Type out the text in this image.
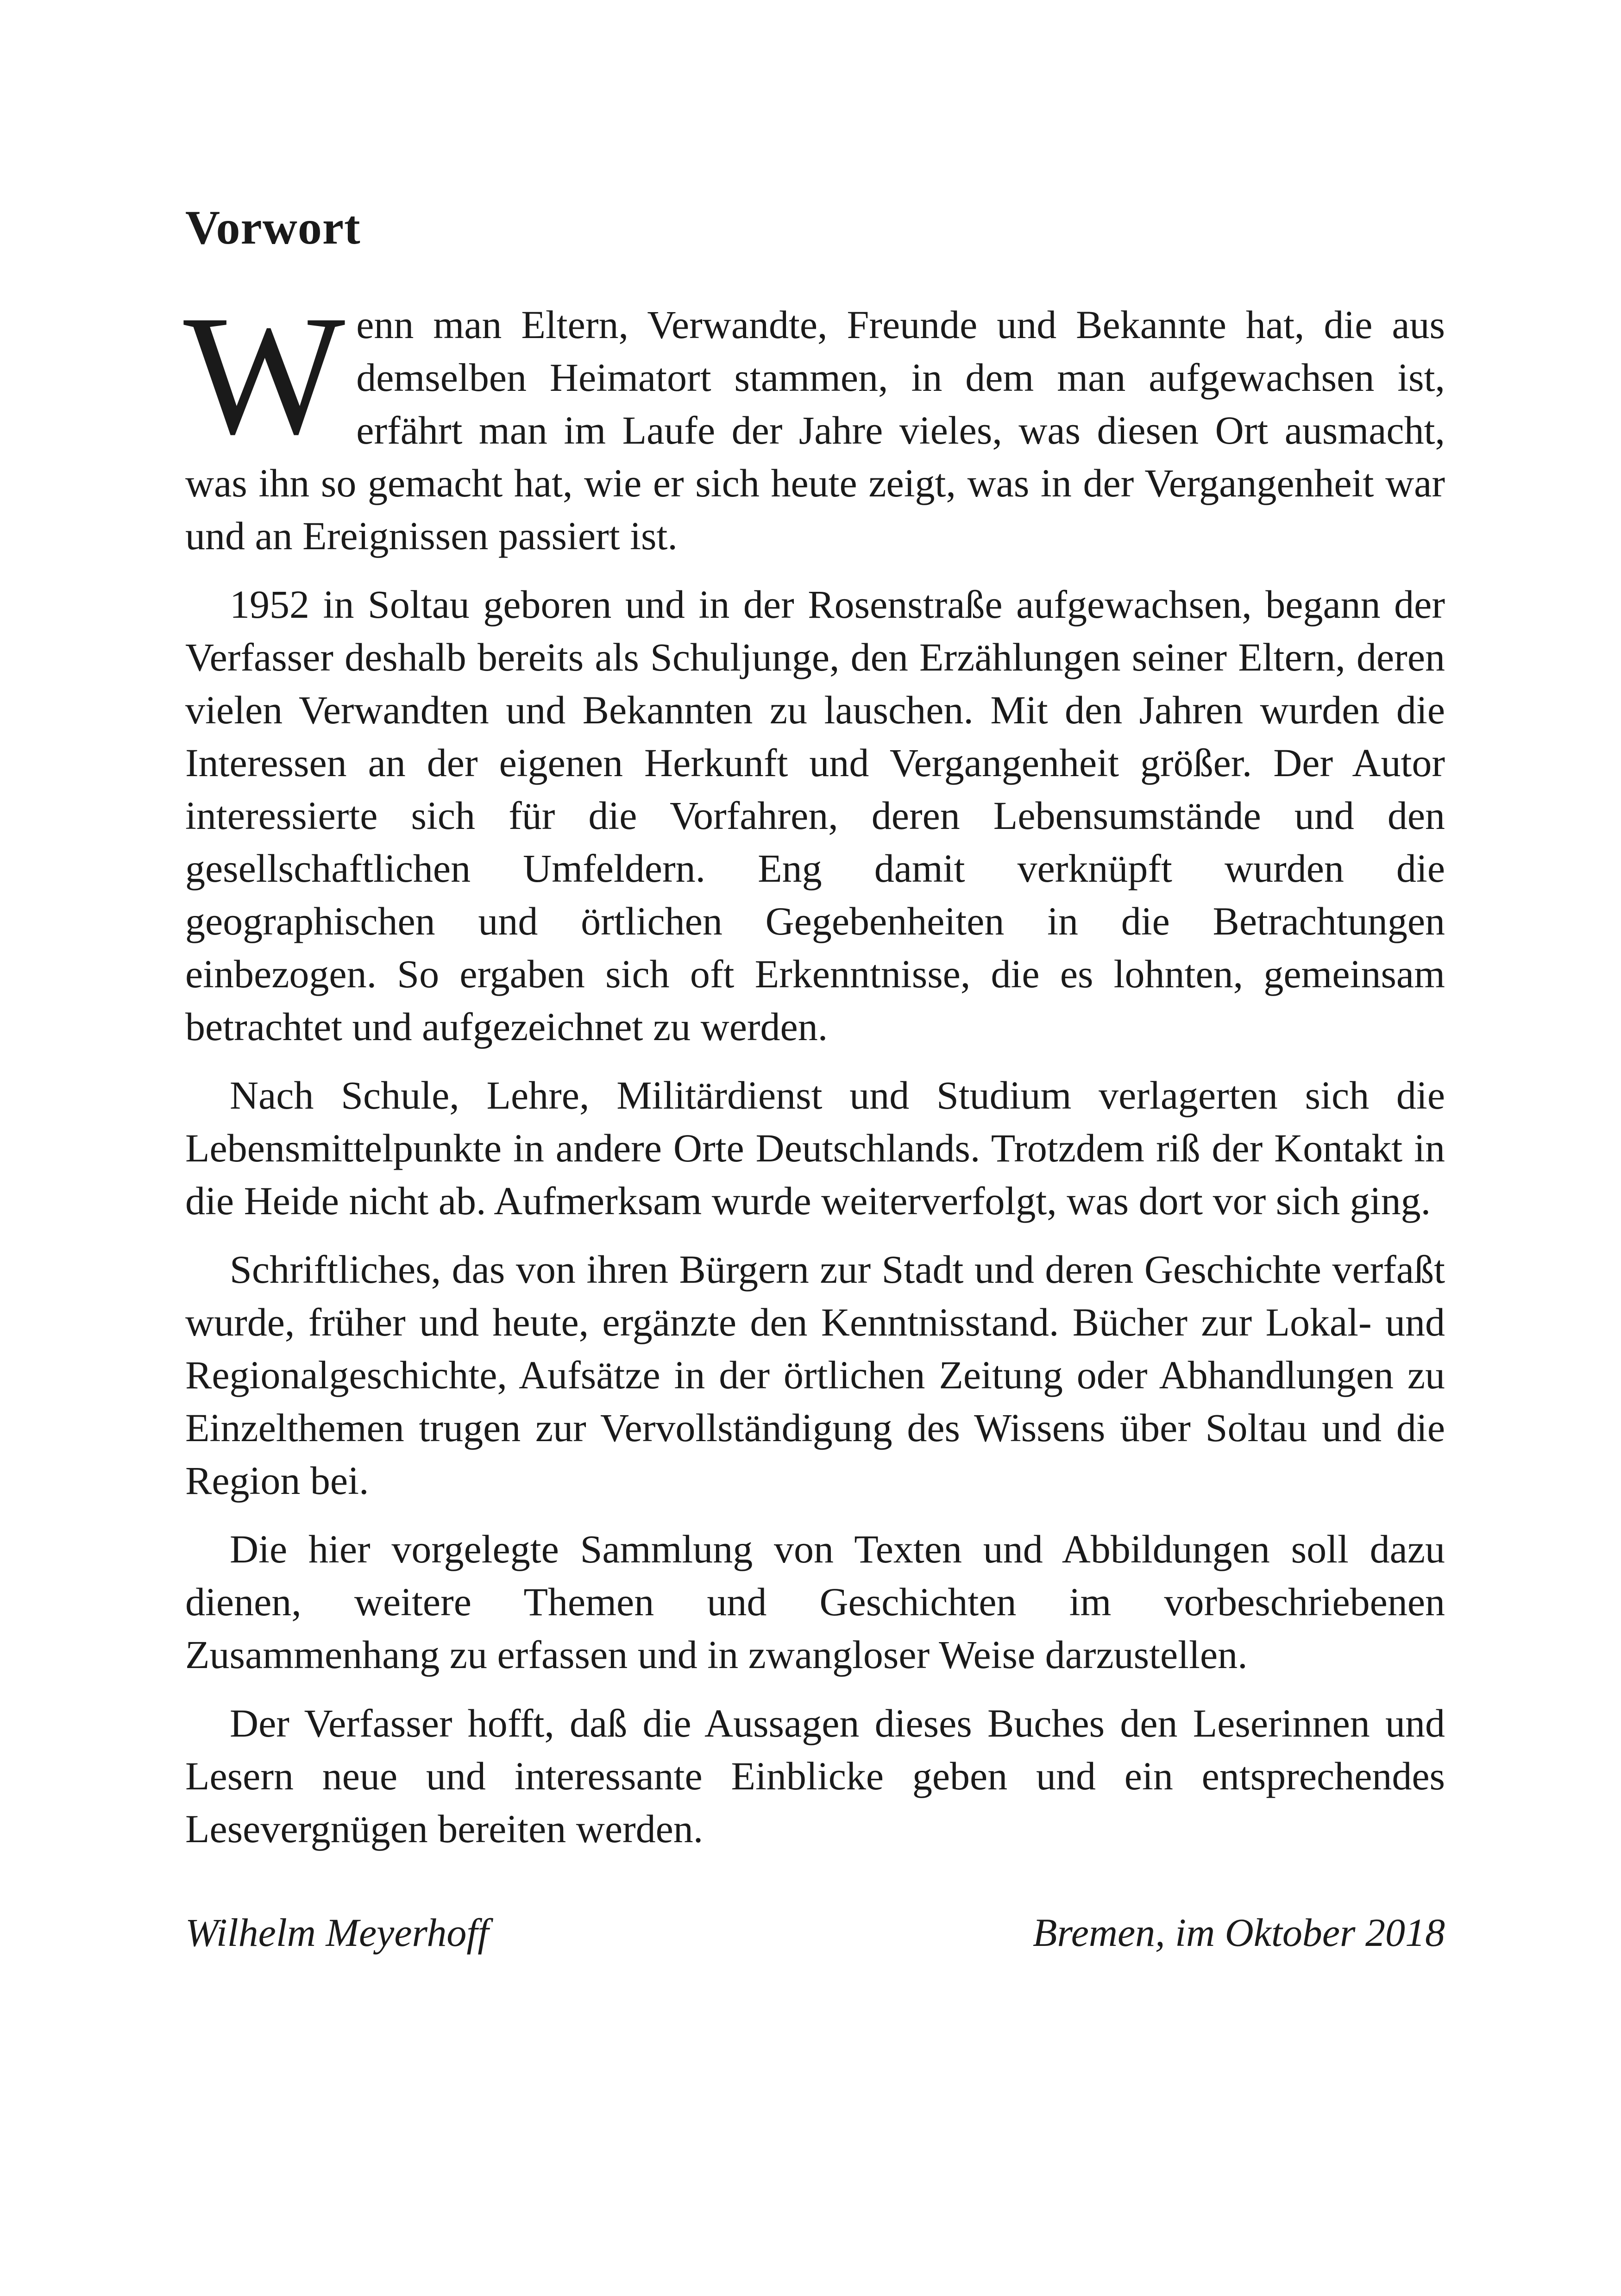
Vorwort

Wenn man Eltern, Verwandte, Freunde und Bekannte hat, die aus demselben Heimatort stammen, in dem man aufgewachsen ist, erfährt man im Laufe der Jahre vieles, was diesen Ort ausmacht, was ihn so gemacht hat, wie er sich heute zeigt, was in der Vergangenheit war und an Ereignissen passiert ist.

1952 in Soltau geboren und in der Rosenstraße aufgewachsen, begann der Verfasser deshalb bereits als Schuljunge, den Erzählungen seiner Eltern, deren vielen Verwandten und Bekannten zu lauschen. Mit den Jahren wurden die Interessen an der eigenen Herkunft und Vergangenheit größer. Der Autor interessierte sich für die Vorfahren, deren Lebensumstände und den gesellschaftlichen Umfeldern. Eng damit verknüpft wurden die geographischen und örtlichen Gegebenheiten in die Betrachtungen einbezogen. So ergaben sich oft Erkenntnisse, die es lohnten, gemeinsam betrachtet und aufgezeichnet zu werden.

Nach Schule, Lehre, Militärdienst und Studium verlagerten sich die Lebensmittelpunkte in andere Orte Deutschlands. Trotzdem riß der Kontakt in die Heide nicht ab. Aufmerksam wurde weiterverfolgt, was dort vor sich ging.

Schriftliches, das von ihren Bürgern zur Stadt und deren Geschichte verfaßt wurde, früher und heute, ergänzte den Kenntnisstand. Bücher zur Lokal- und Regionalgeschichte, Aufsätze in der örtlichen Zeitung oder Abhandlungen zu Einzelthemen trugen zur Vervollständigung des Wissens über Soltau und die Region bei.

Die hier vorgelegte Sammlung von Texten und Abbildungen soll dazu dienen, weitere Themen und Geschichten im vorbeschriebenen Zusammenhang zu erfassen und in zwangloser Weise darzustellen.

Der Verfasser hofft, daß die Aussagen dieses Buches den Leserinnen und Lesern neue und interessante Einblicke geben und ein entsprechendes Lesevergnügen bereiten werden.

Wilhelm Meyerhoff	Bremen, im Oktober 2018
